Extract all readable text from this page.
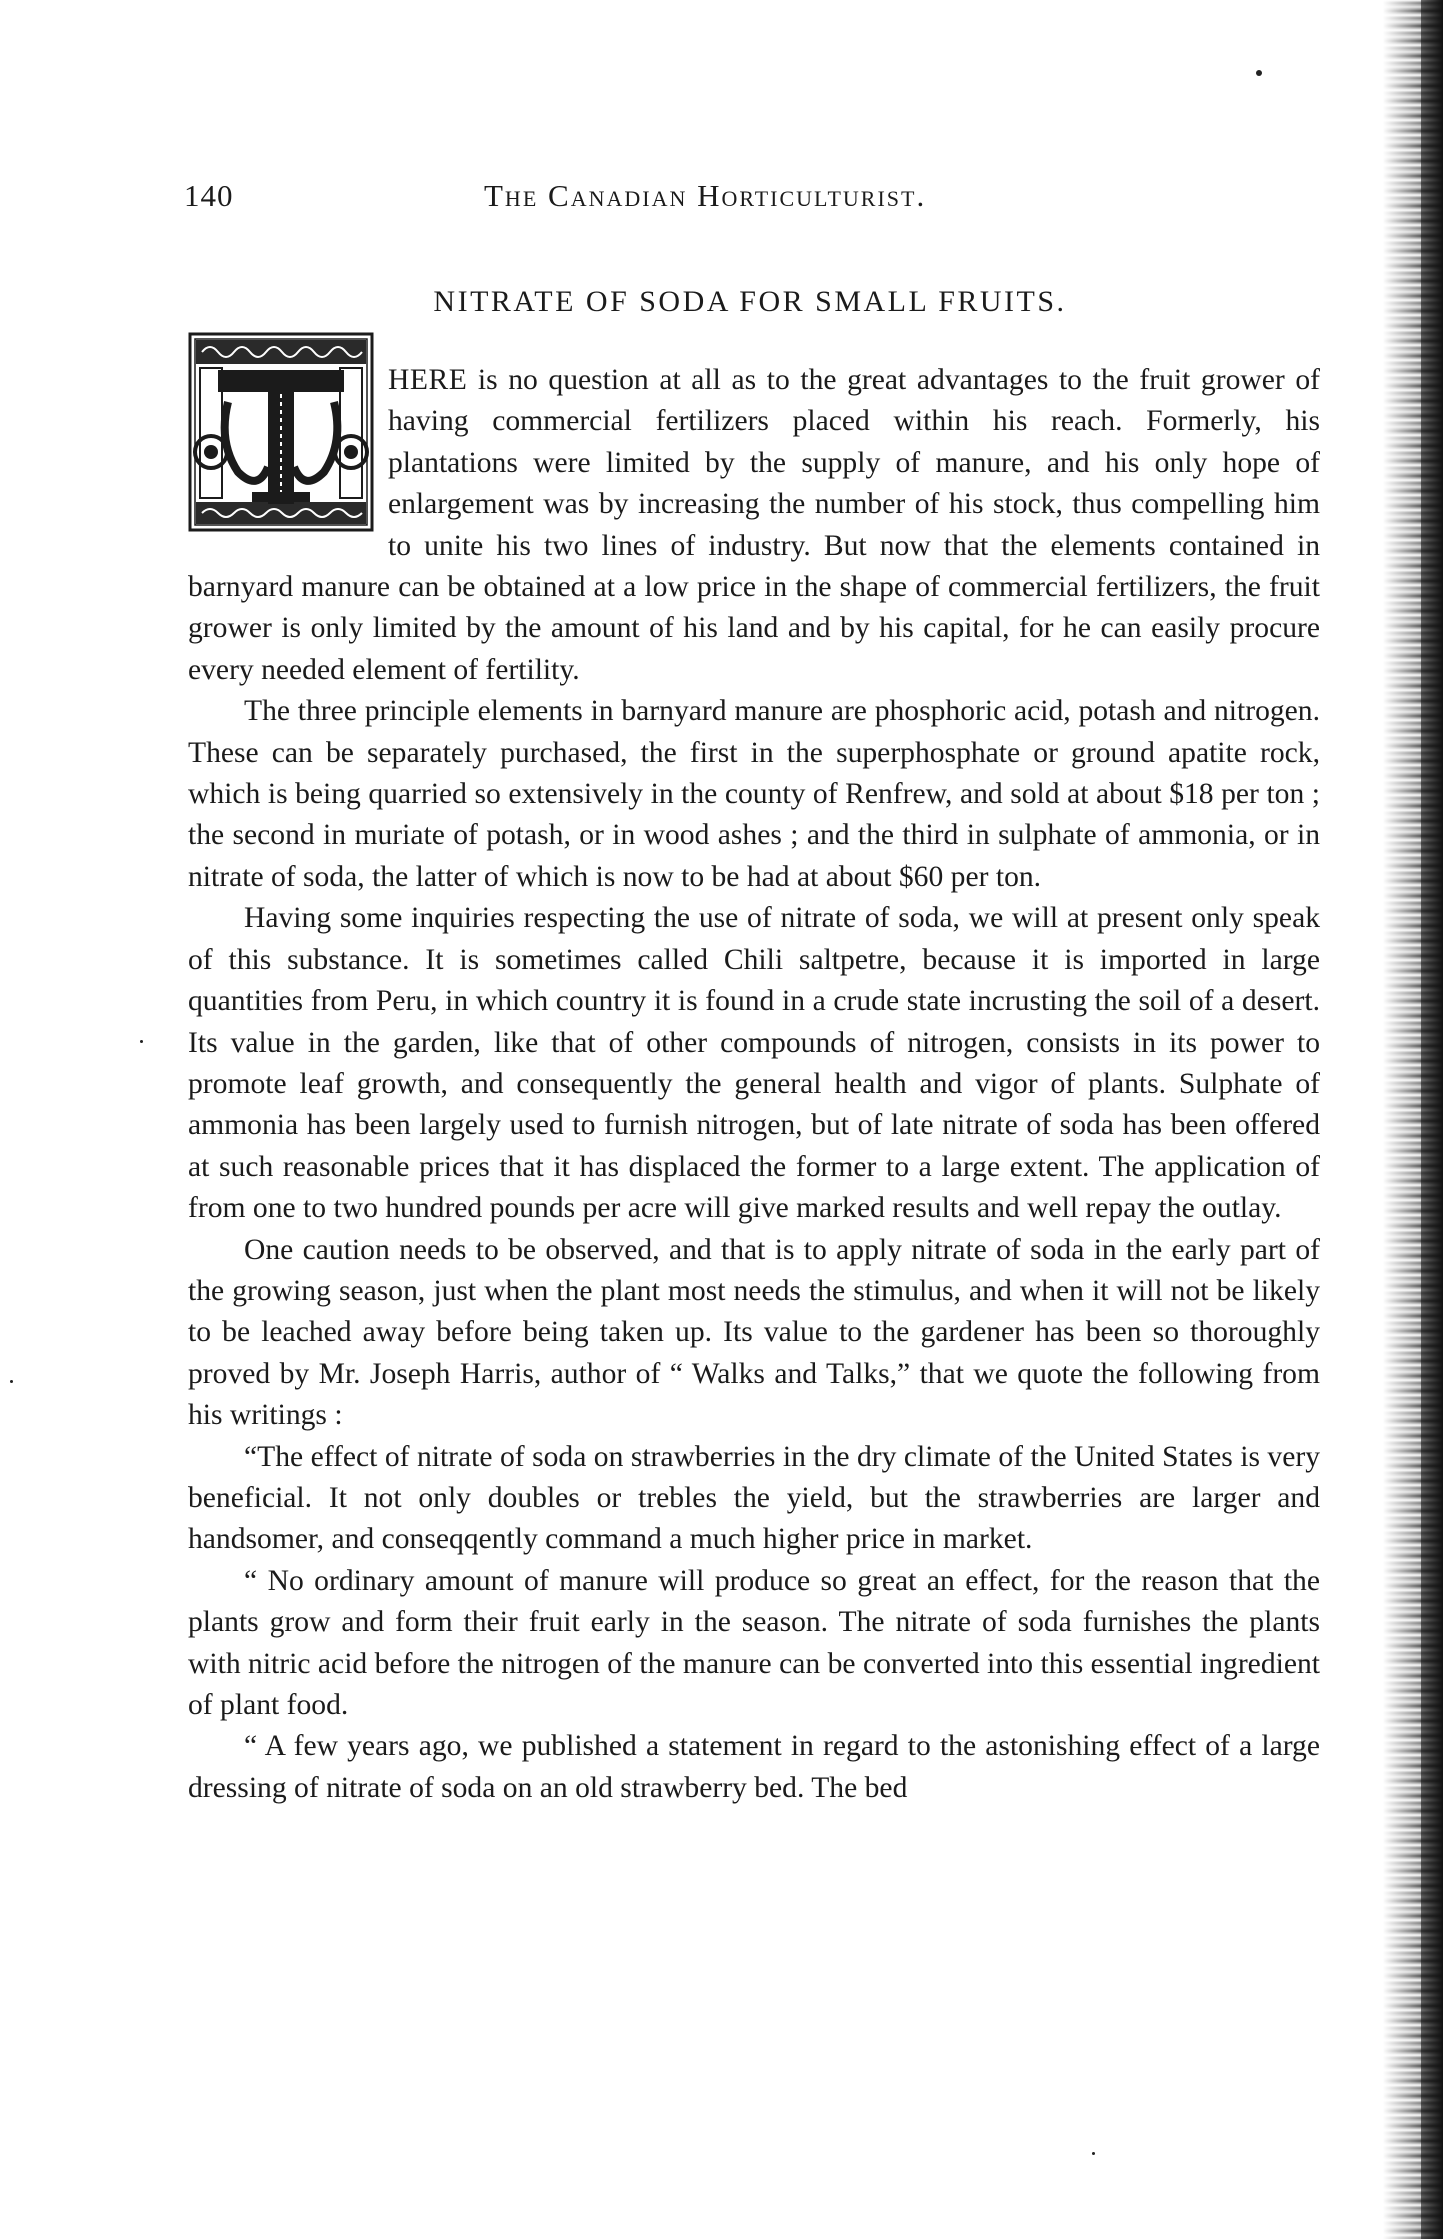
140	The Canadian Horticulturist.
NITRATE OF SODA FOR SMALL FRUITS.

HERE is no question at all as to the great advantages to the fruit grower of having commercial fertilizers placed within his reach. Formerly, his plantations were limited by the supply of manure, and his only hope of enlargement was by increasing the number of his stock, thus compelling him to unite his two lines of industry. But now that the elements contained in barnyard manure can be obtained at a low price in the shape of commercial fertilizers, the fruit grower is only limited by the amount of his land and by his capital, for he can easily procure every needed element of fertility.

The three principle elements in barnyard manure are phosphoric acid, potash and nitrogen. These can be separately purchased, the first in the superphosphate or ground apatite rock, which is being quarried so extensively in the county of Renfrew, and sold at about $18 per ton ; the second in muriate of potash, or in wood ashes ; and the third in sulphate of ammonia, or in nitrate of soda, the latter of which is now to be had at about $60 per ton.

Having some inquiries respecting the use of nitrate of soda, we will at present only speak of this substance. It is sometimes called Chili saltpetre, because it is imported in large quantities from Peru, in which country it is found in a crude state incrusting the soil of a desert. Its value in the garden, like that of other compounds of nitrogen, consists in its power to promote leaf growth, and consequently the general health and vigor of plants. Sulphate of ammonia has been largely used to furnish nitrogen, but of late nitrate of soda has been offered at such reasonable prices that it has displaced the former to a large extent. The application of from one to two hundred pounds per acre will give marked results and well repay the outlay.

One caution needs to be observed, and that is to apply nitrate of soda in the early part of the growing season, just when the plant most needs the stimulus, and when it will not be likely to be leached away before being taken up. Its value to the gardener has been so thoroughly proved by Mr. Joseph Harris, author of “ Walks and Talks,” that we quote the following from his writings :

“The effect of nitrate of soda on strawberries in the dry climate of the United States is very beneficial. It not only doubles or trebles the yield, but the strawberries are larger and handsomer, and conseqqently command a much higher price in market.

“ No ordinary amount of manure will produce so great an effect, for the reason that the plants grow and form their fruit early in the season. The nitrate of soda furnishes the plants with nitric acid before the nitrogen of the manure can be converted into this essential ingredient of plant food.

“ A few years ago, we published a statement in regard to the astonishing effect of a large dressing of nitrate of soda on an old strawberry bed. The bed
